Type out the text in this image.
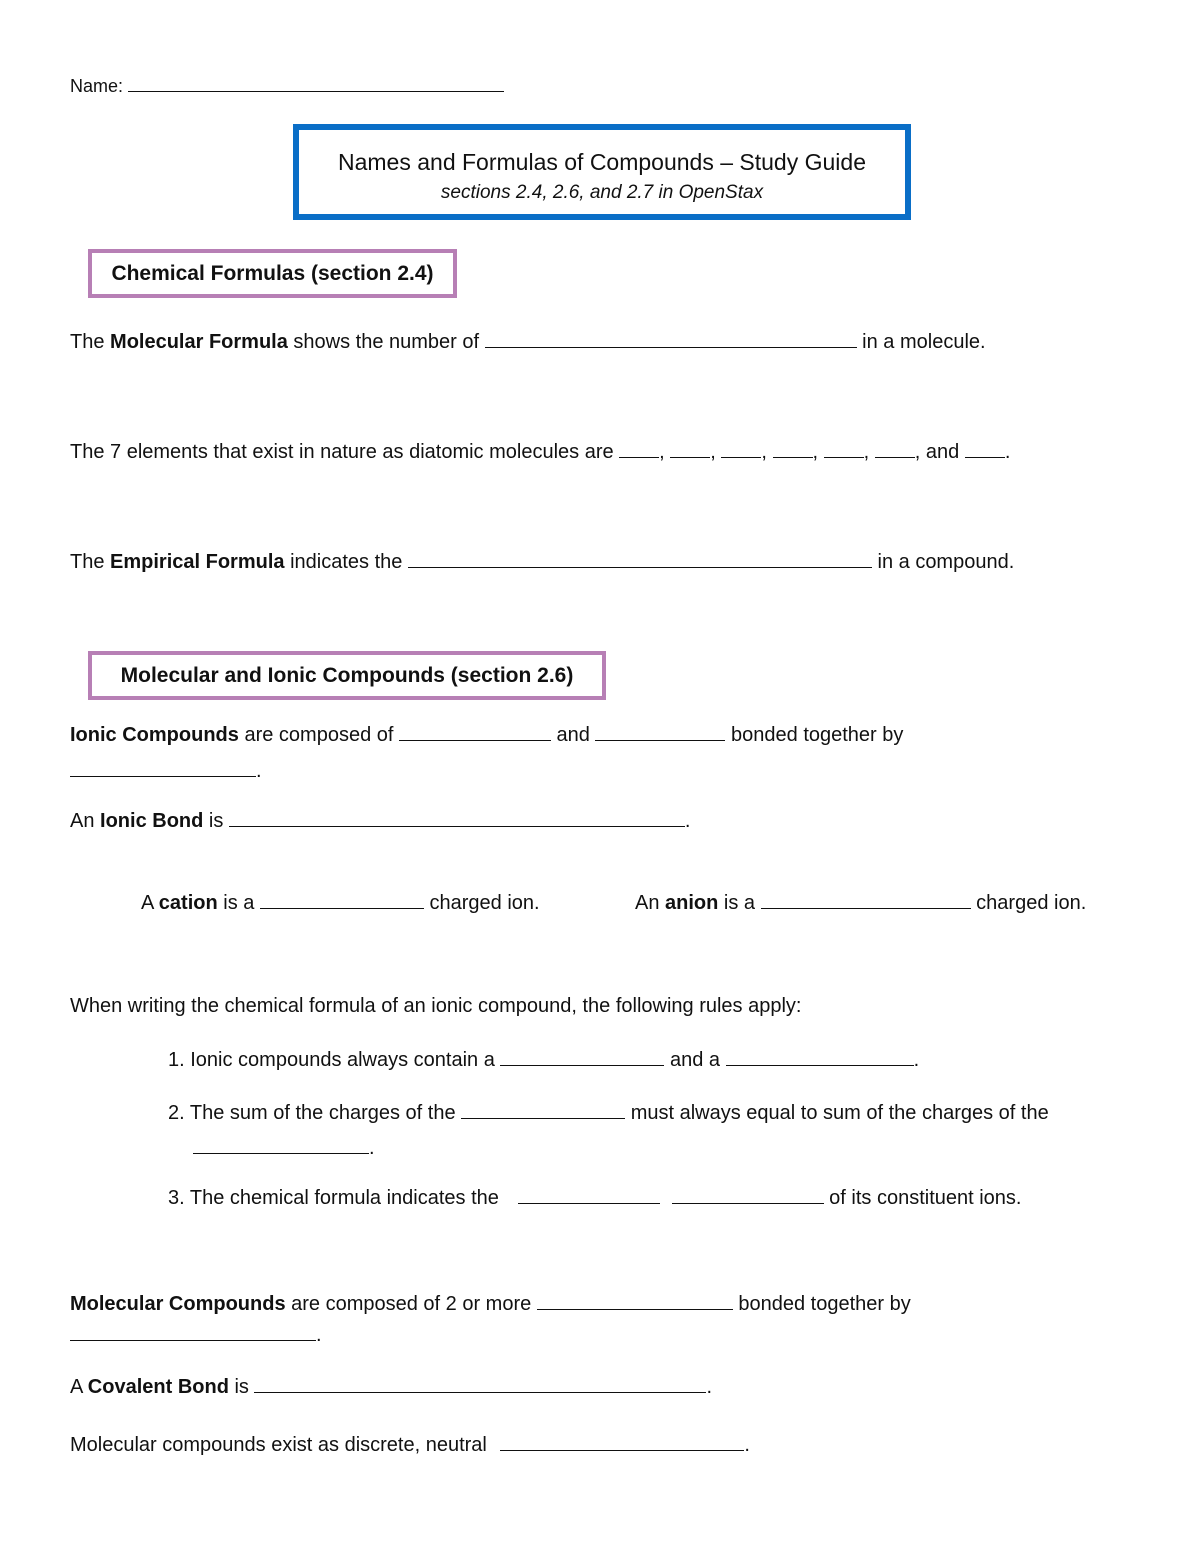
Name:
Names and Formulas of Compounds – Study Guide
sections 2.4, 2.6, and 2.7 in OpenStax
Chemical Formulas (section 2.4)
The Molecular Formula shows the number of	in a molecule.
The 7 elements that exist in nature as diatomic molecules are , , , , , , and .
The Empirical Formula indicates the	in a compound.
Molecular and Ionic Compounds (section 2.6)
Ionic Compounds are composed of	and	bonded together by
.
An Ionic Bond is	.
A cation is a	charged ion.	An anion is a	charged ion.
When writing the chemical formula of an ionic compound, the following rules apply:
1. Ionic compounds always contain a	and a	.
2. The sum of the charges of the	must always equal to sum of the charges of the
.
3. The chemical formula indicates the	of its constituent ions.
Molecular Compounds are composed of 2 or more	bonded together by
.
A Covalent Bond is	.
Molecular compounds exist as discrete, neutral	.
